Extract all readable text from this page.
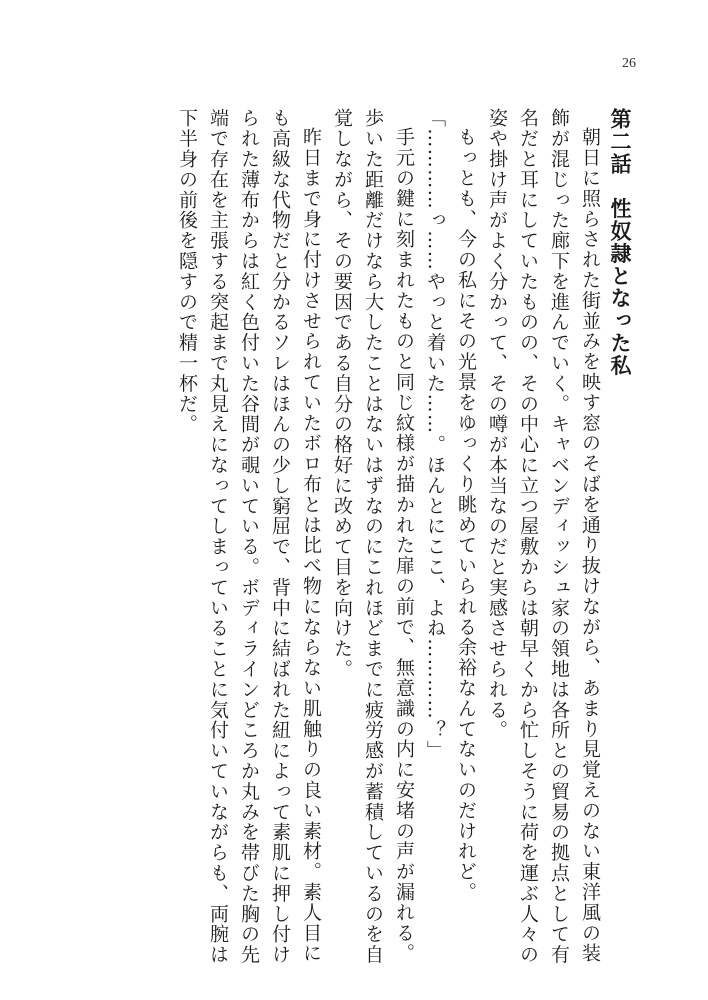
26

第二話　性奴隷となった私

朝日に照らされた街並みを映す窓のそばを通り抜けながら、あまり見覚えのない東洋風の装飾が混じった廊下を進んでいく。キャベンディッシュ家の領地は各所との貿易の拠点として有名だと耳にしていたものの、その中心に立つ屋敷からは朝早くから忙しそうに荷を運ぶ人々の姿や掛け声がよく分かって、その噂が本当なのだと実感させられる。

もっとも、今の私にその光景をゆっくり眺めていられる余裕なんてないのだけれど。

「…………っ……やっと着いた……。ほんとにここ、よね…………？」

手元の鍵に刻まれたものと同じ紋様が描かれた扉の前で、無意識の内に安堵の声が漏れる。歩いた距離だけなら大したことはないはずなのにこれほどまでに疲労感が蓄積しているのを自覚しながら、その要因である自分の格好に改めて目を向けた。

昨日まで身に付けさせられていたボロ布とは比べ物にならない肌触りの良い素材。素人目にも高級な代物だと分かるソレはほんの少し窮屈で、背中に結ばれた紐によって素肌に押し付けられた薄布からは紅く色付いた谷間が覗いている。ボディラインどころか丸みを帯びた胸の先端で存在を主張する突起まで丸見えになってしまっていることに気付いていながらも、両腕は下半身の前後を隠すので精一杯だ。
